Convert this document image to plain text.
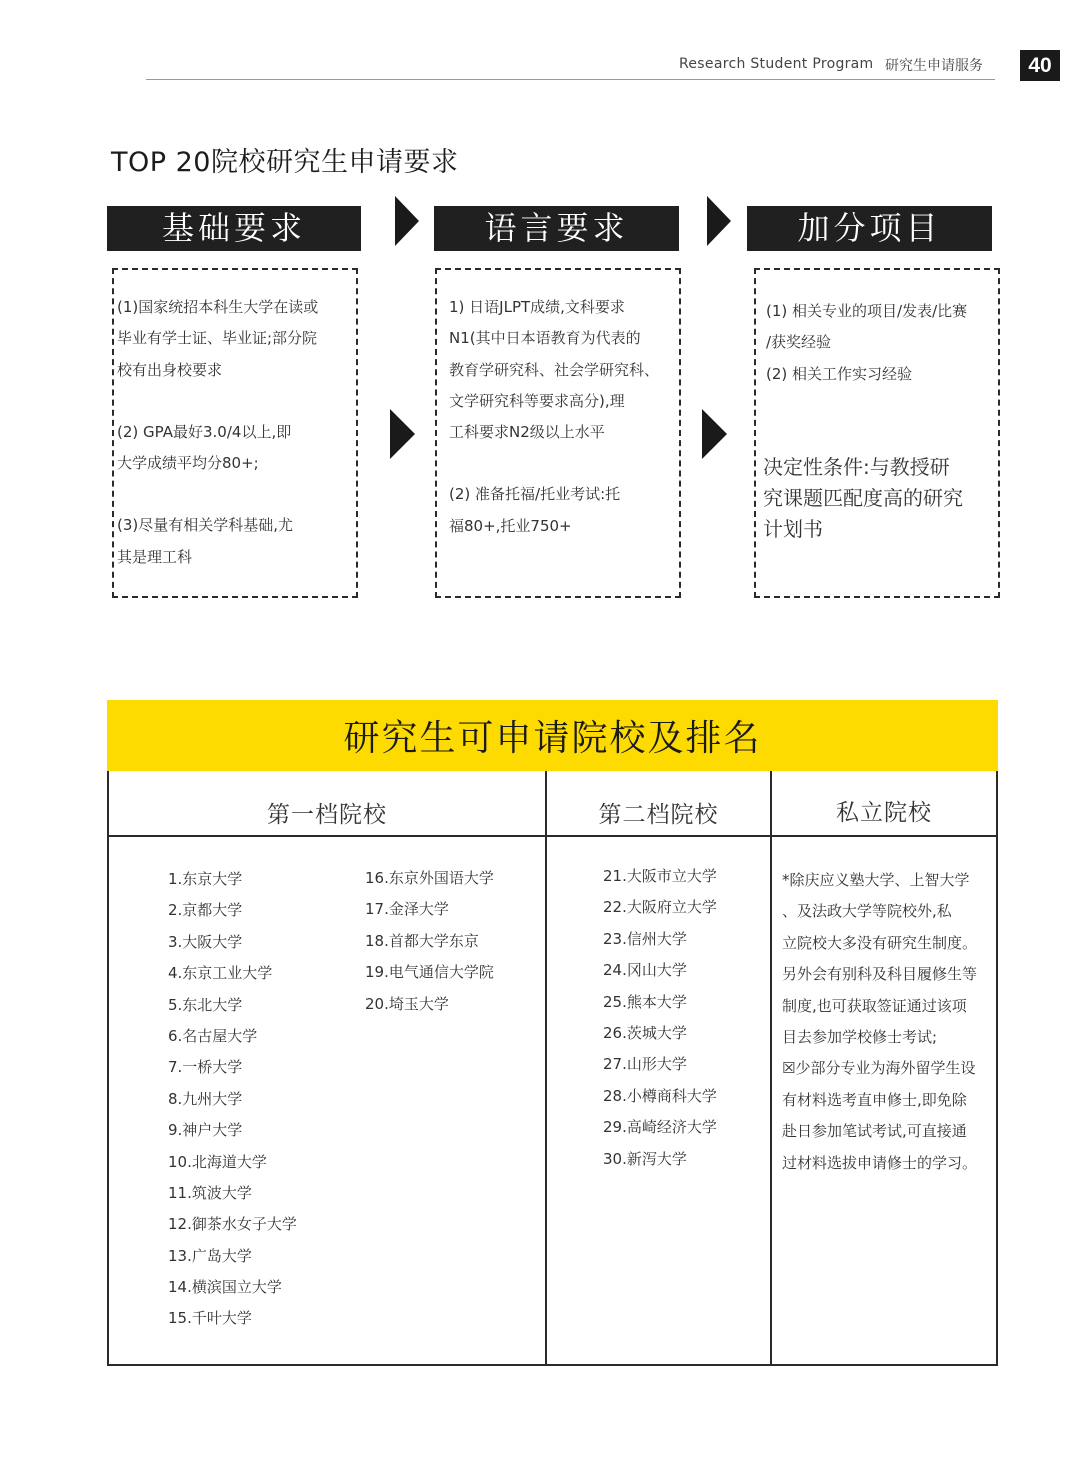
Research Student Program 研究生申请服务	40
TOP 20院校研究生申请要求
基础要求	语言要求	加分项目
(1)国家统招本科生大学在读或
毕业有学士证、毕业证;部分院
校有出身校要求
(2) GPA最好3.0/4以上,即
大学成绩平均分80+;
(3)尽量有相关学科基础,尤
其是理工科
1) 日语JLPT成绩,文科要求
N1(其中日本语教育为代表的
教育学研究科、社会学研究科、
文学研究科等要求高分),理
工科要求N2级以上水平
(2) 准备托福/托业考试:托
福80+,托业750+
(1) 相关专业的项目/发表/比赛
/获奖经验
(2) 相关工作实习经验
决定性条件:与教授研
究课题匹配度高的研究
计划书
研究生可申请院校及排名
第一档院校	第二档院校	私立院校
1.东京大学
2.京都大学
3.大阪大学
4.东京工业大学
5.东北大学
6.名古屋大学
7.一桥大学
8.九州大学
9.神户大学
10.北海道大学
11.筑波大学
12.御茶水女子大学
13.广岛大学
14.横滨国立大学
15.千叶大学
16.东京外国语大学
17.金泽大学
18.首都大学东京
19.电气通信大学院
20.埼玉大学
21.大阪市立大学
22.大阪府立大学
23.信州大学
24.冈山大学
25.熊本大学
26.茨城大学
27.山形大学
28.小樽商科大学
29.高崎经济大学
30.新泻大学
*除庆应义塾大学、上智大学
、及法政大学等院校外,私
立院校大多没有研究生制度。
另外会有别科及科目履修生等
制度,也可获取签证通过该项
目去参加学校修士考试;
☒少部分专业为海外留学生设
有材料选考直申修士,即免除
赴日参加笔试考试,可直接通
过材料选拔申请修士的学习。
